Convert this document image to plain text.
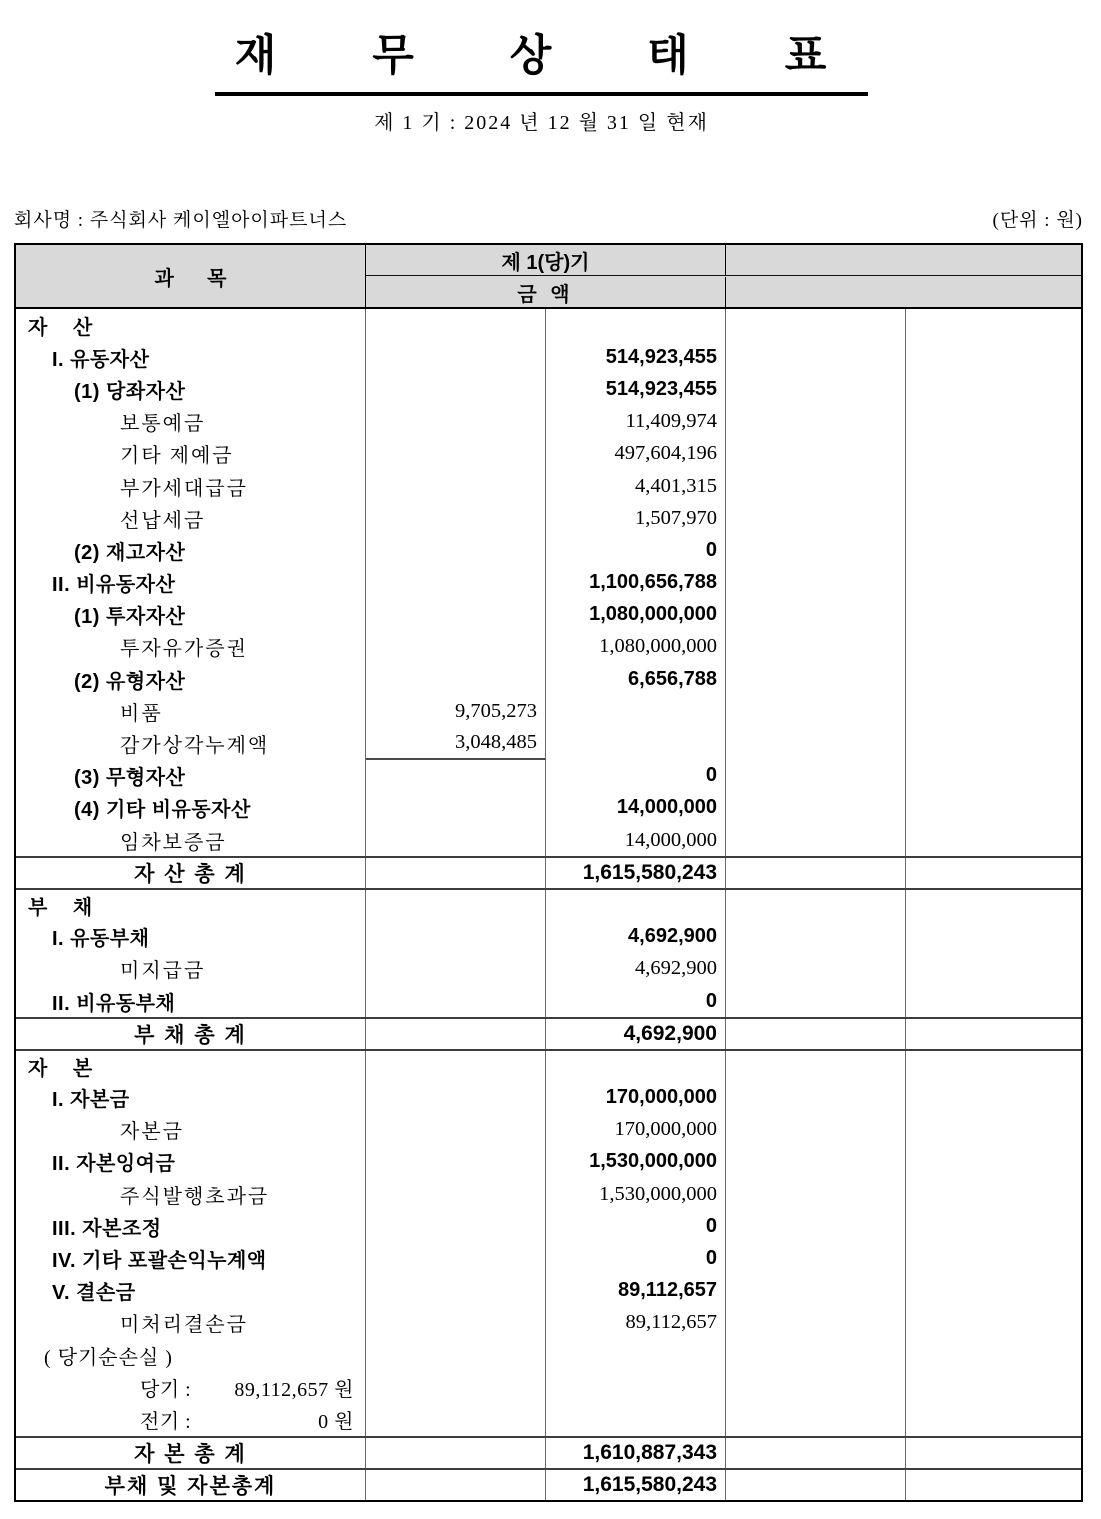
재 무 상 태 표
제 1 기 : 2024 년 12 월 31 일 현재
회사명 : 주식회사 케이엘아이파트너스	(단위 : 원)
과      목
제 1(당)기
금 액
자 산
I. 유동자산	514,923,455
(1) 당좌자산	514,923,455
보통예금	11,409,974
기타 제예금	497,604,196
부가세대급금	4,401,315
선납세금	1,507,970
(2) 재고자산	0
II. 비유동자산	1,100,656,788
(1) 투자자산	1,080,000,000
투자유가증권	1,080,000,000
(2) 유형자산	6,656,788
비품	9,705,273
감가상각누계액	3,048,485
(3) 무형자산	0
(4) 기타 비유동자산	14,000,000
임차보증금	14,000,000
자 산 총 계	1,615,580,243
부 채
I. 유동부채	4,692,900
미지급금	4,692,900
II. 비유동부채	0
부 채 총 계	4,692,900
자 본
I. 자본금	170,000,000
자본금	170,000,000
II. 자본잉여금	1,530,000,000
주식발행초과금	1,530,000,000
III. 자본조정	0
IV. 기타 포괄손익누계액	0
V. 결손금	89,112,657
미처리결손금	89,112,657
( 당기순손실 )
당기 : 89,112,657 원
전기 :	0 원
자 본 총 계	1,610,887,343
부채 및 자본총계	1,615,580,243
